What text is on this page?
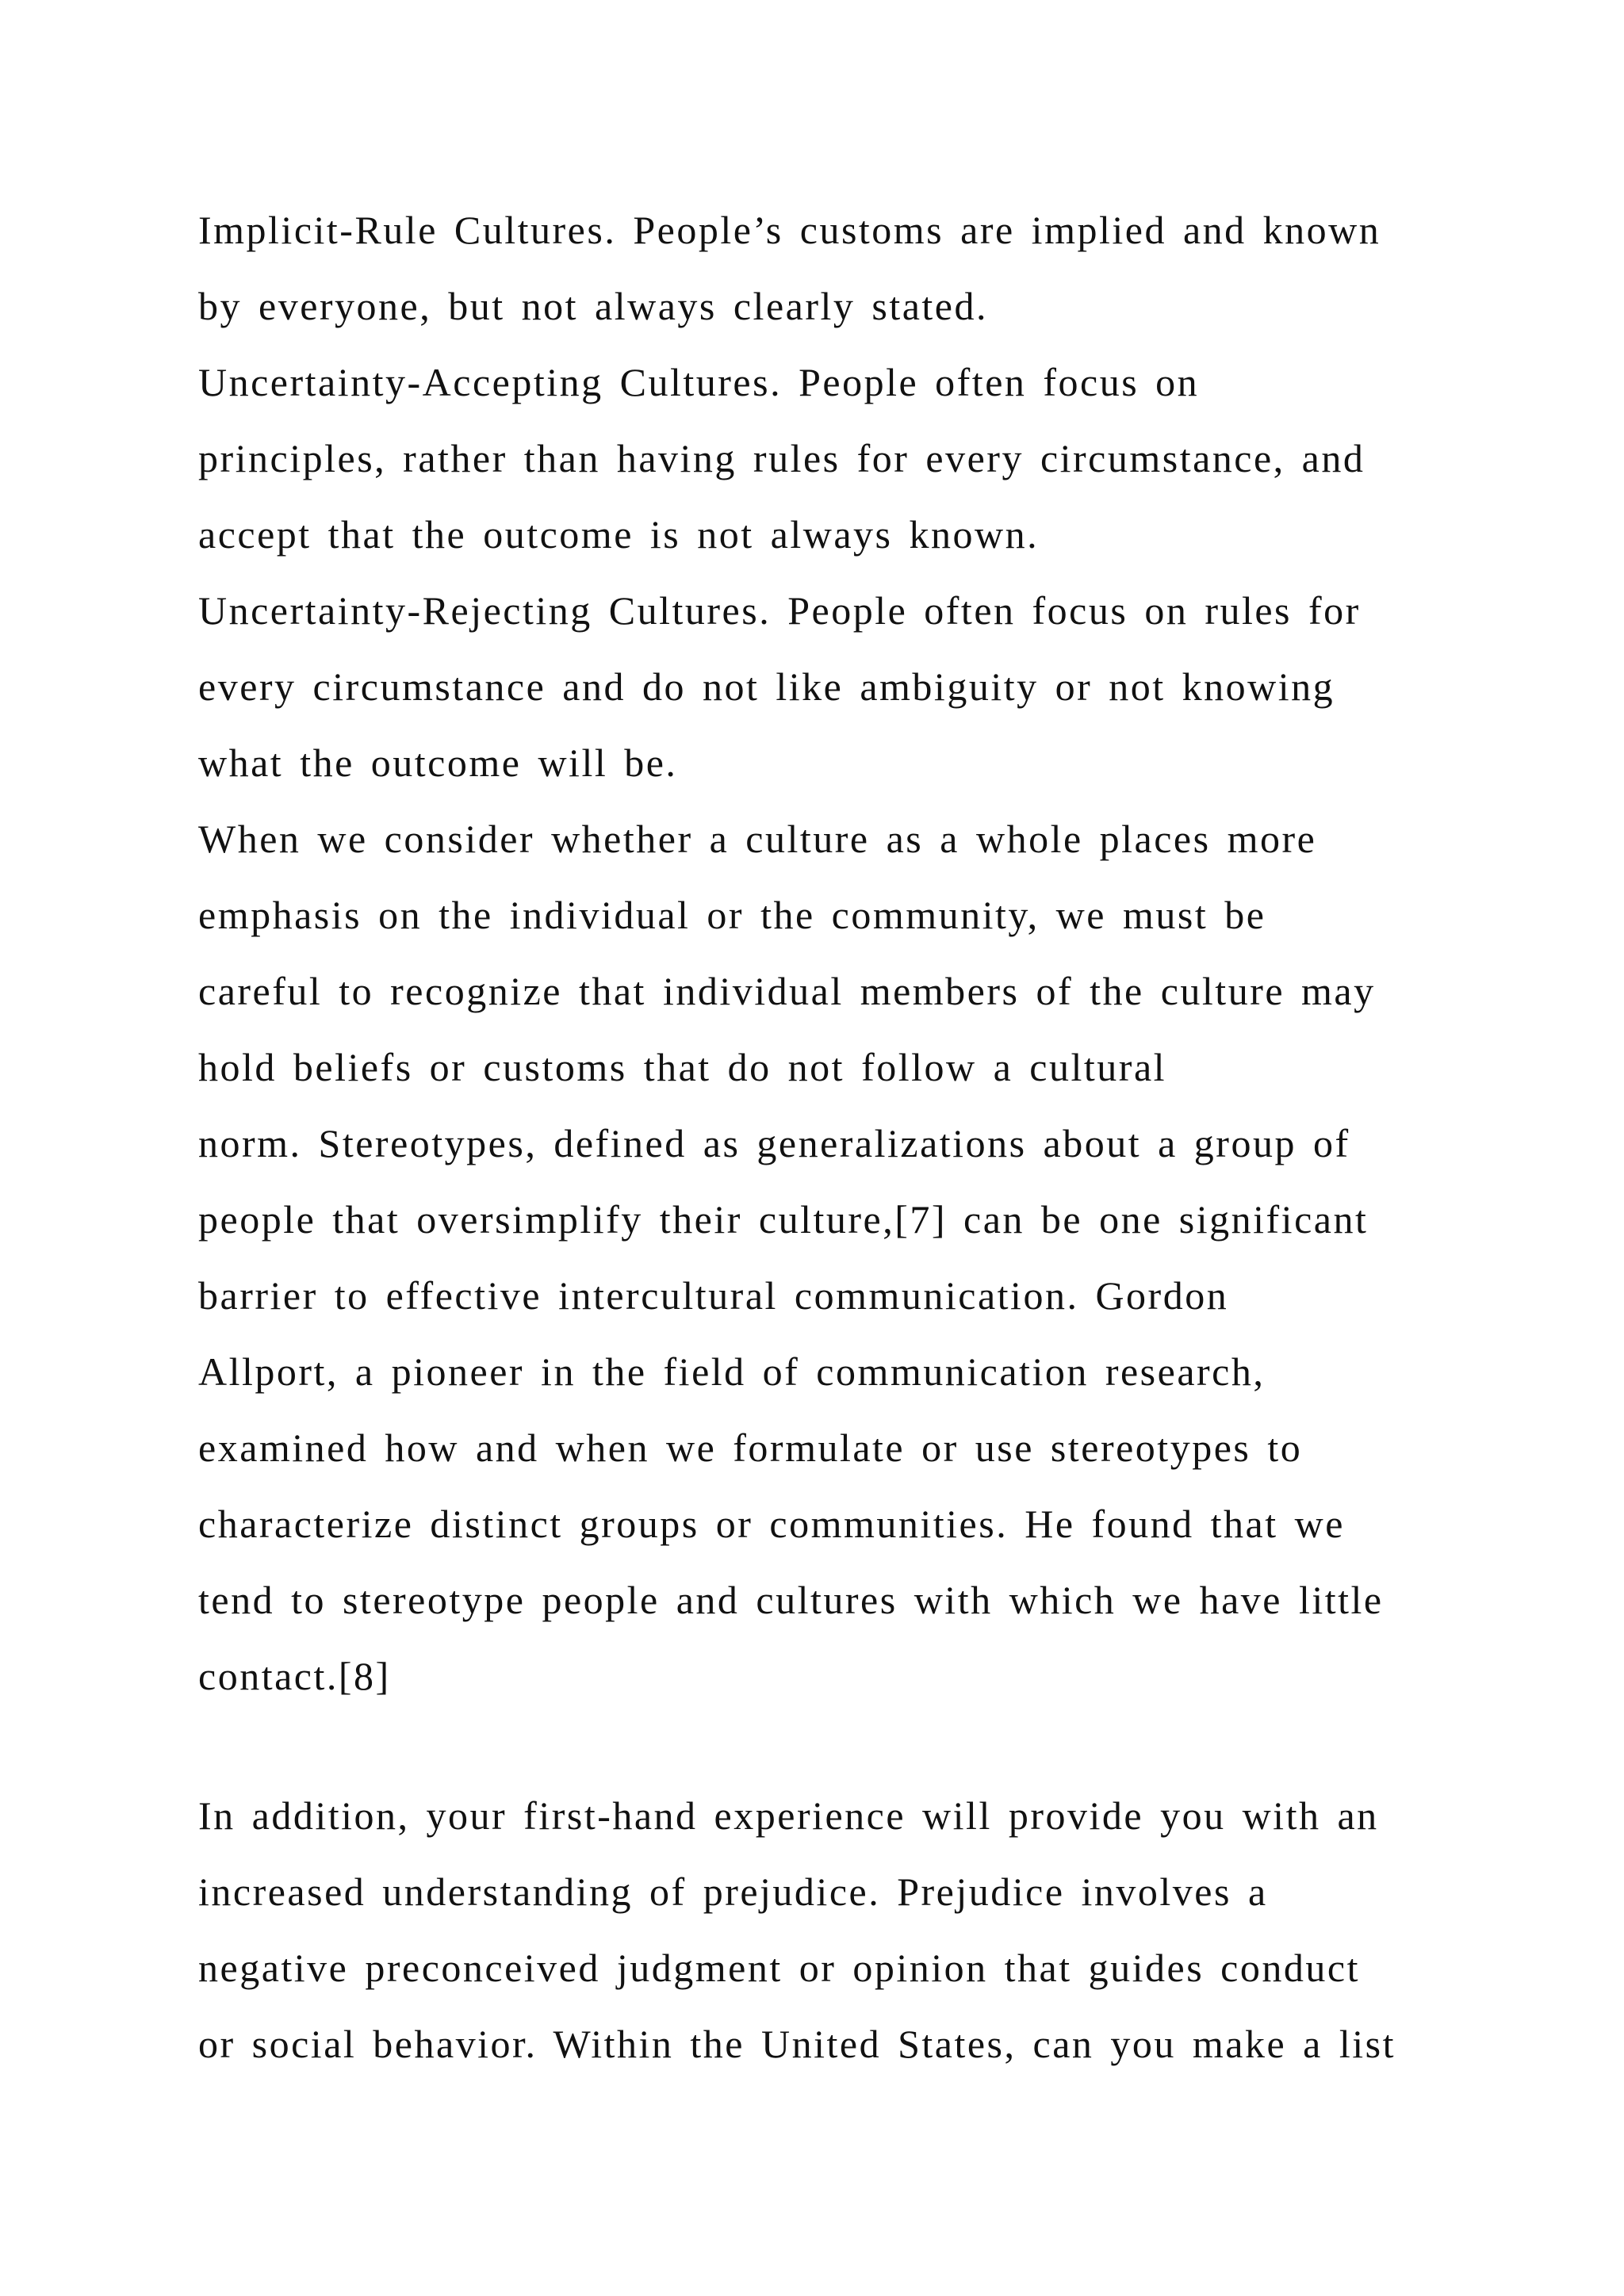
Implicit-Rule Cultures. People’s customs are implied and known
by everyone, but not always clearly stated.
Uncertainty-Accepting Cultures. People often focus on
principles, rather than having rules for every circumstance, and
accept that the outcome is not always known.
Uncertainty-Rejecting Cultures. People often focus on rules for
every circumstance and do not like ambiguity or not knowing
what the outcome will be.
When we consider whether a culture as a whole places more
emphasis on the individual or the community, we must be
careful to recognize that individual members of the culture may
hold beliefs or customs that do not follow a cultural
norm. Stereotypes, defined as generalizations about a group of
people that oversimplify their culture,[7] can be one significant
barrier to effective intercultural communication. Gordon
Allport, a pioneer in the field of communication research,
examined how and when we formulate or use stereotypes to
characterize distinct groups or communities. He found that we
tend to stereotype people and cultures with which we have little
contact.[8]
In addition, your first-hand experience will provide you with an
increased understanding of prejudice. Prejudice involves a
negative preconceived judgment or opinion that guides conduct
or social behavior. Within the United States, can you make a list
